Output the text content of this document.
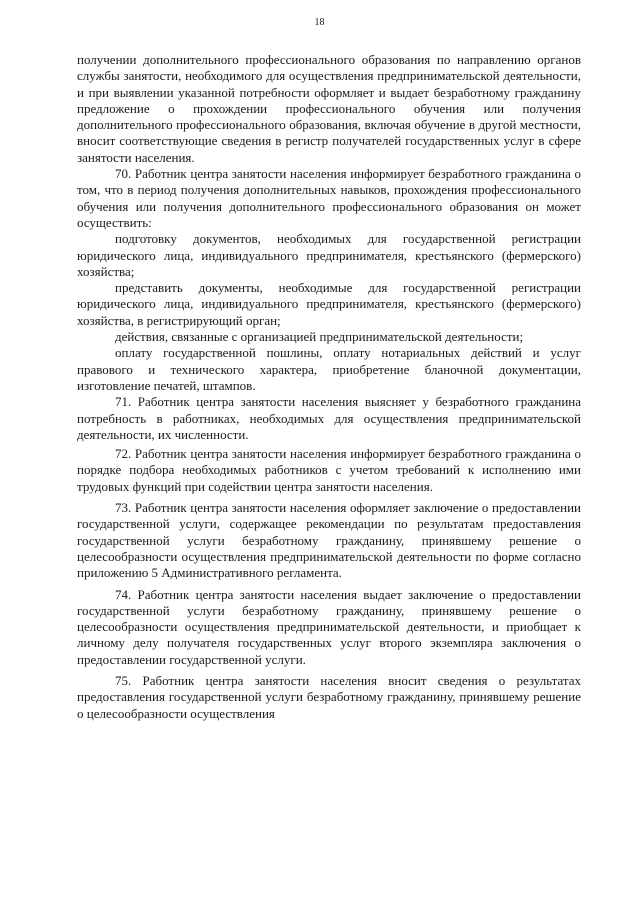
18

получении дополнительного профессионального образования по направлению органов службы занятости, необходимого для осуществления предпринимательской деятельности, и при выявлении указанной потребности оформляет и выдает безработному гражданину предложение о прохождении профессионального обучения или получения дополнительного профессионального образования, включая обучение в другой местности, вносит соответствующие сведения в регистр получателей государственных услуг в сфере занятости населения.

70. Работник центра занятости населения информирует безработного гражданина о том, что в период получения дополнительных навыков, прохождения профессионального обучения или получения дополнительного профессионального образования он может осуществить:

подготовку документов, необходимых для государственной регистрации юридического лица, индивидуального предпринимателя, крестьянского (фермерского) хозяйства;

представить документы, необходимые для государственной регистрации юридического лица, индивидуального предпринимателя, крестьянского (фермерского) хозяйства, в регистрирующий орган;

действия, связанные с организацией предпринимательской деятельности;

оплату государственной пошлины, оплату нотариальных действий и услуг правового и технического характера, приобретение бланочной документации, изготовление печатей, штампов.

71. Работник центра занятости населения выясняет у безработного гражданина потребность в работниках, необходимых для осуществления предпринимательской деятельности, их численности.

72. Работник центра занятости населения информирует безработного гражданина о порядке подбора необходимых работников с учетом требований к исполнению ими трудовых функций при содействии центра занятости населения.

73. Работник центра занятости населения оформляет заключение о предоставлении государственной услуги, содержащее рекомендации по результатам предоставления государственной услуги безработному гражданину, принявшему решение о целесообразности осуществления предпринимательской деятельности по форме согласно приложению 5 Административного регламента.

74. Работник центра занятости населения выдает заключение о предоставлении государственной услуги безработному гражданину, принявшему решение о целесообразности осуществления предпринимательской деятельности, и приобщает к личному делу получателя государственных услуг второго экземпляра заключения о предоставлении государственной услуги.

75. Работник центра занятости населения вносит сведения о результатах предоставления государственной услуги безработному гражданину, принявшему решение о целесообразности осуществления
